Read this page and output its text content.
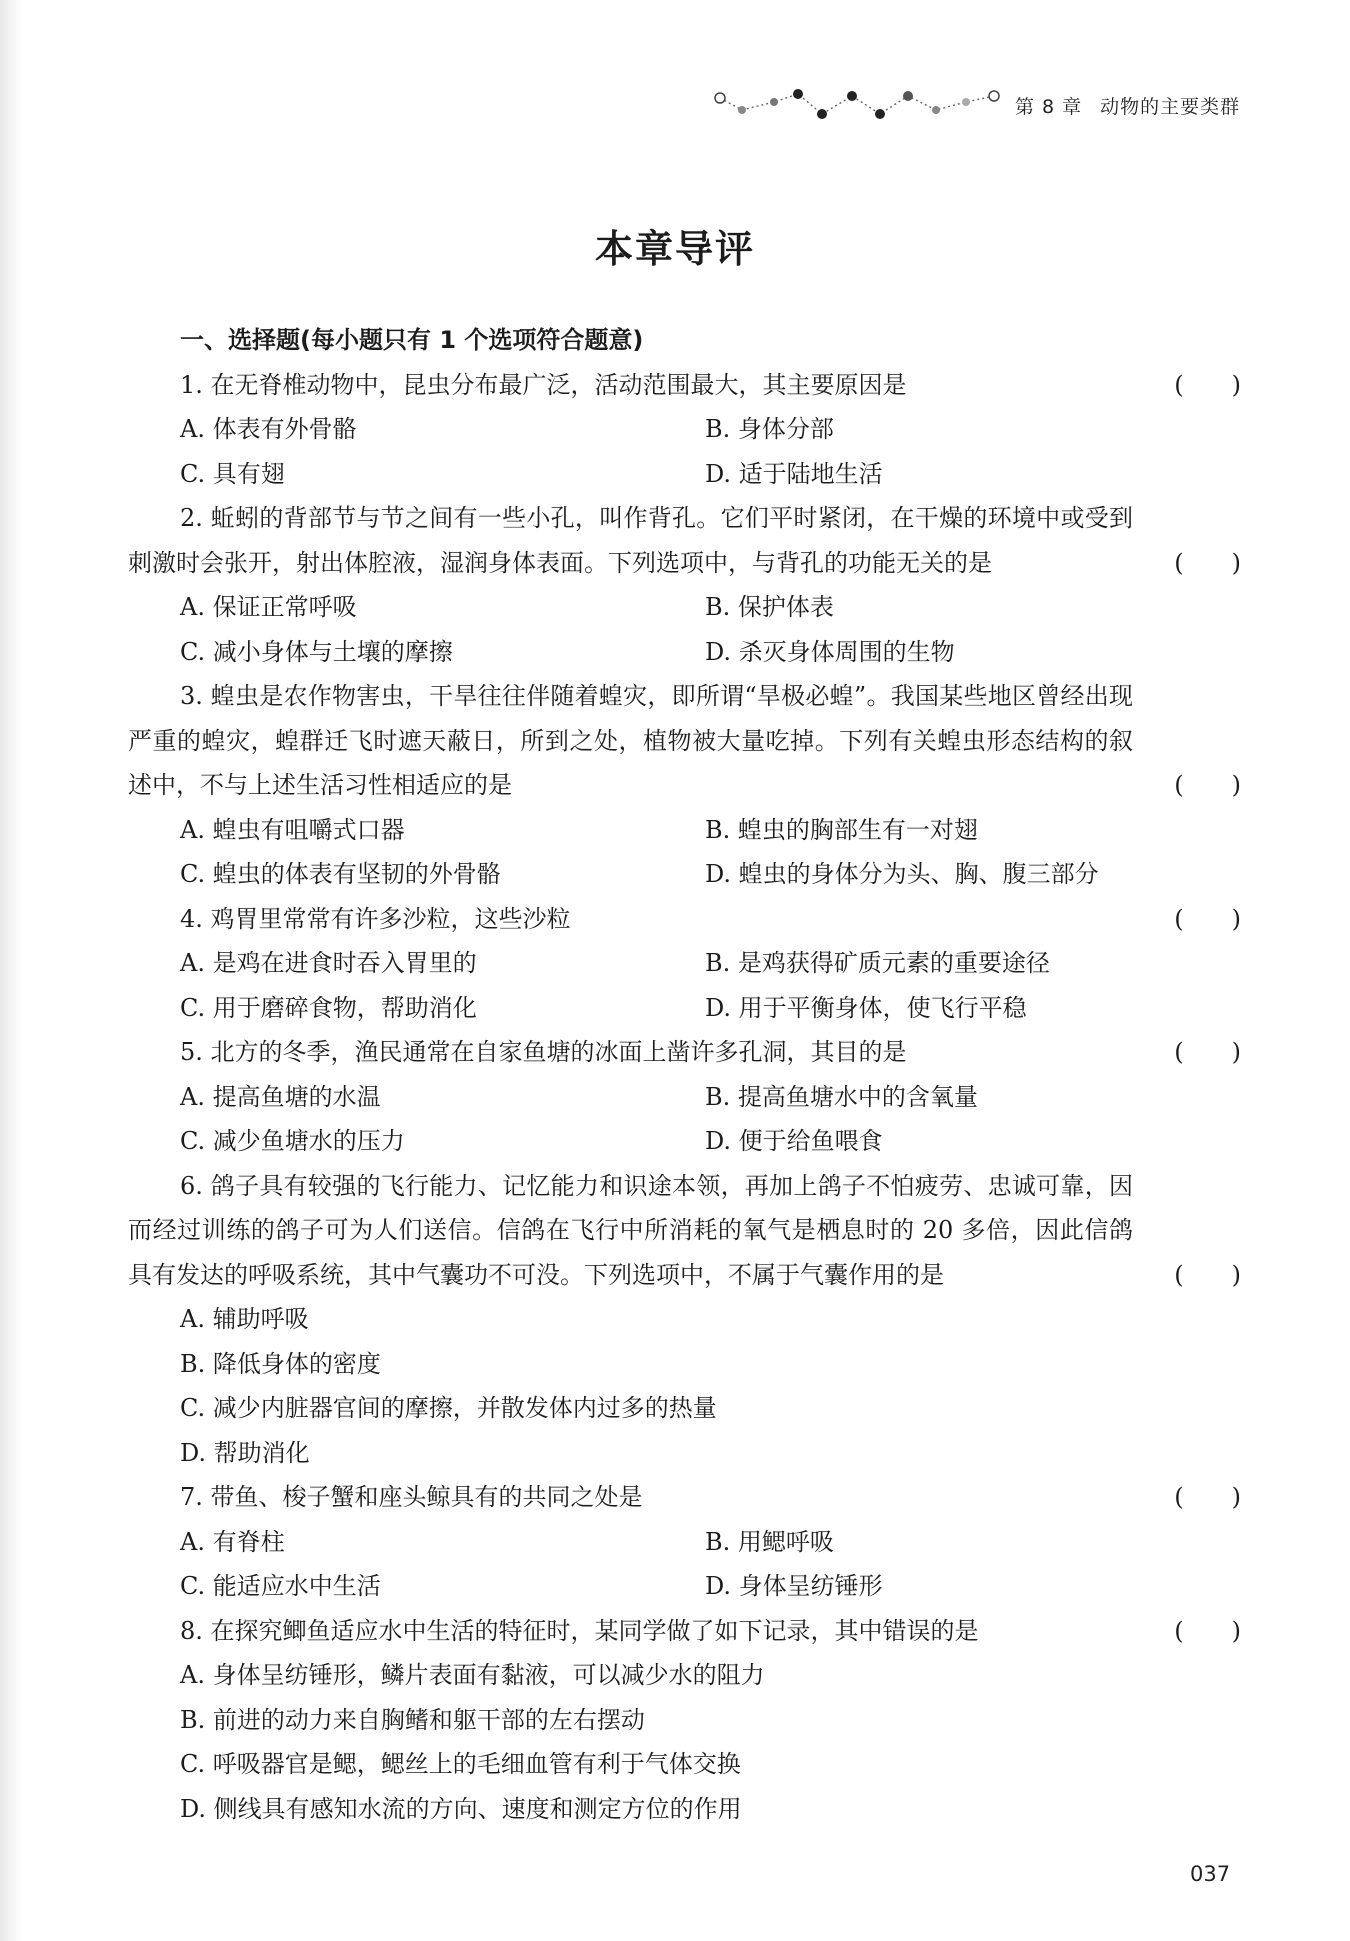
第 8 章 动物的主要类群
本章导评
一、选择题(每小题只有 1 个选项符合题意)
1. 在无脊椎动物中，昆虫分布最广泛，活动范围最大，其主要原因是	(　　)
A. 体表有外骨骼	B. 身体分部
C. 具有翅	D. 适于陆地生活
2. 蚯蚓的背部节与节之间有一些小孔，叫作背孔。它们平时紧闭，在干燥的环境中或受到刺激时会张开，射出体腔液，湿润身体表面。下列选项中，与背孔的功能无关的是	(　　)
A. 保证正常呼吸	B. 保护体表
C. 减小身体与土壤的摩擦	D. 杀灭身体周围的生物
3. 蝗虫是农作物害虫，干旱往往伴随着蝗灾，即所谓“旱极必蝗”。我国某些地区曾经出现严重的蝗灾，蝗群迁飞时遮天蔽日，所到之处，植物被大量吃掉。下列有关蝗虫形态结构的叙述中，不与上述生活习性相适应的是	(　　)
A. 蝗虫有咀嚼式口器	B. 蝗虫的胸部生有一对翅
C. 蝗虫的体表有坚韧的外骨骼	D. 蝗虫的身体分为头、胸、腹三部分
4. 鸡胃里常常有许多沙粒，这些沙粒	(　　)
A. 是鸡在进食时吞入胃里的	B. 是鸡获得矿质元素的重要途径
C. 用于磨碎食物，帮助消化	D. 用于平衡身体，使飞行平稳
5. 北方的冬季，渔民通常在自家鱼塘的冰面上凿许多孔洞，其目的是	(　　)
A. 提高鱼塘的水温	B. 提高鱼塘水中的含氧量
C. 减少鱼塘水的压力	D. 便于给鱼喂食
6. 鸽子具有较强的飞行能力、记忆能力和识途本领，再加上鸽子不怕疲劳、忠诚可靠，因而经过训练的鸽子可为人们送信。信鸽在飞行中所消耗的氧气是栖息时的 20 多倍，因此信鸽具有发达的呼吸系统，其中气囊功不可没。下列选项中，不属于气囊作用的是	(　　)
A. 辅助呼吸
B. 降低身体的密度
C. 减少内脏器官间的摩擦，并散发体内过多的热量
D. 帮助消化
7. 带鱼、梭子蟹和座头鲸具有的共同之处是	(　　)
A. 有脊柱	B. 用鳃呼吸
C. 能适应水中生活	D. 身体呈纺锤形
8. 在探究鲫鱼适应水中生活的特征时，某同学做了如下记录，其中错误的是	(　　)
A. 身体呈纺锤形，鳞片表面有黏液，可以减少水的阻力
B. 前进的动力来自胸鳍和躯干部的左右摆动
C. 呼吸器官是鳃，鳃丝上的毛细血管有利于气体交换
D. 侧线具有感知水流的方向、速度和测定方位的作用
037
